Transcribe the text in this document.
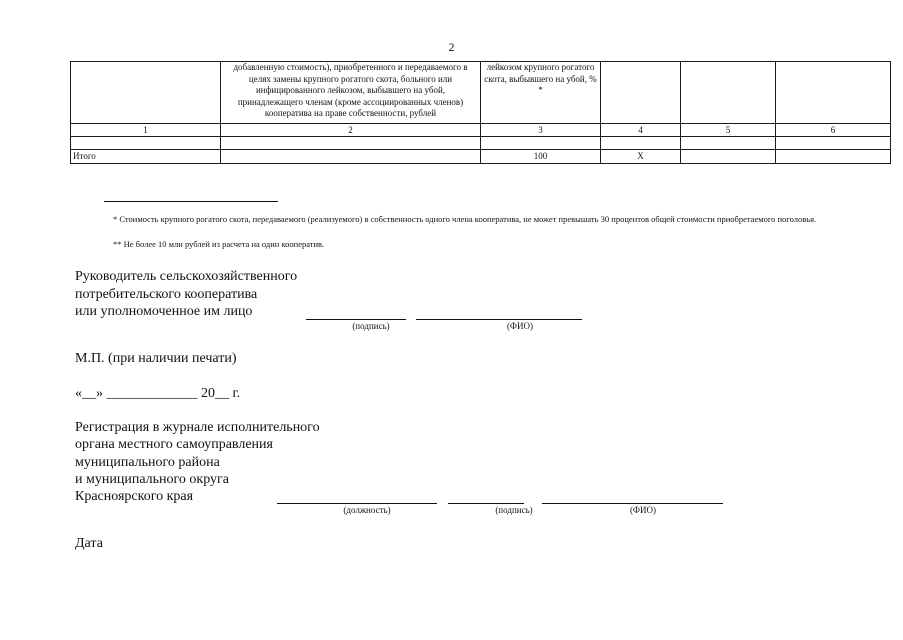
2
	добавленную стоимость), приобретенного и передаваемого в целях замены крупного рогатого скота, больного или инфицированного лейкозом, выбывшего на убой, принадлежащего членам (кроме ассоциированных членов) кооператива на праве собственности, рублей	лейкозом крупного рогатого скота, выбывшего на убой, % *			
1	2	3	4	5	6

Итого		100	Х		
* Стоимость крупного рогатого скота, передаваемого (реализуемого) в собственность одного члена кооператива, не может превышать 30 процентов общей стоимости приобретаемого поголовья.
** Не более 10 млн рублей из расчета на один кооператив.
Руководитель сельскохозяйственного
потребительского кооператива
или уполномоченное им лицо
(подпись)	(ФИО)
М.П. (при наличии печати)
«__» _____________ 20__ г.
Регистрация в журнале исполнительного
органа местного самоуправления
муниципального района
и муниципального округа
Красноярского края
(должность)	(подпись)	(ФИО)
Дата
